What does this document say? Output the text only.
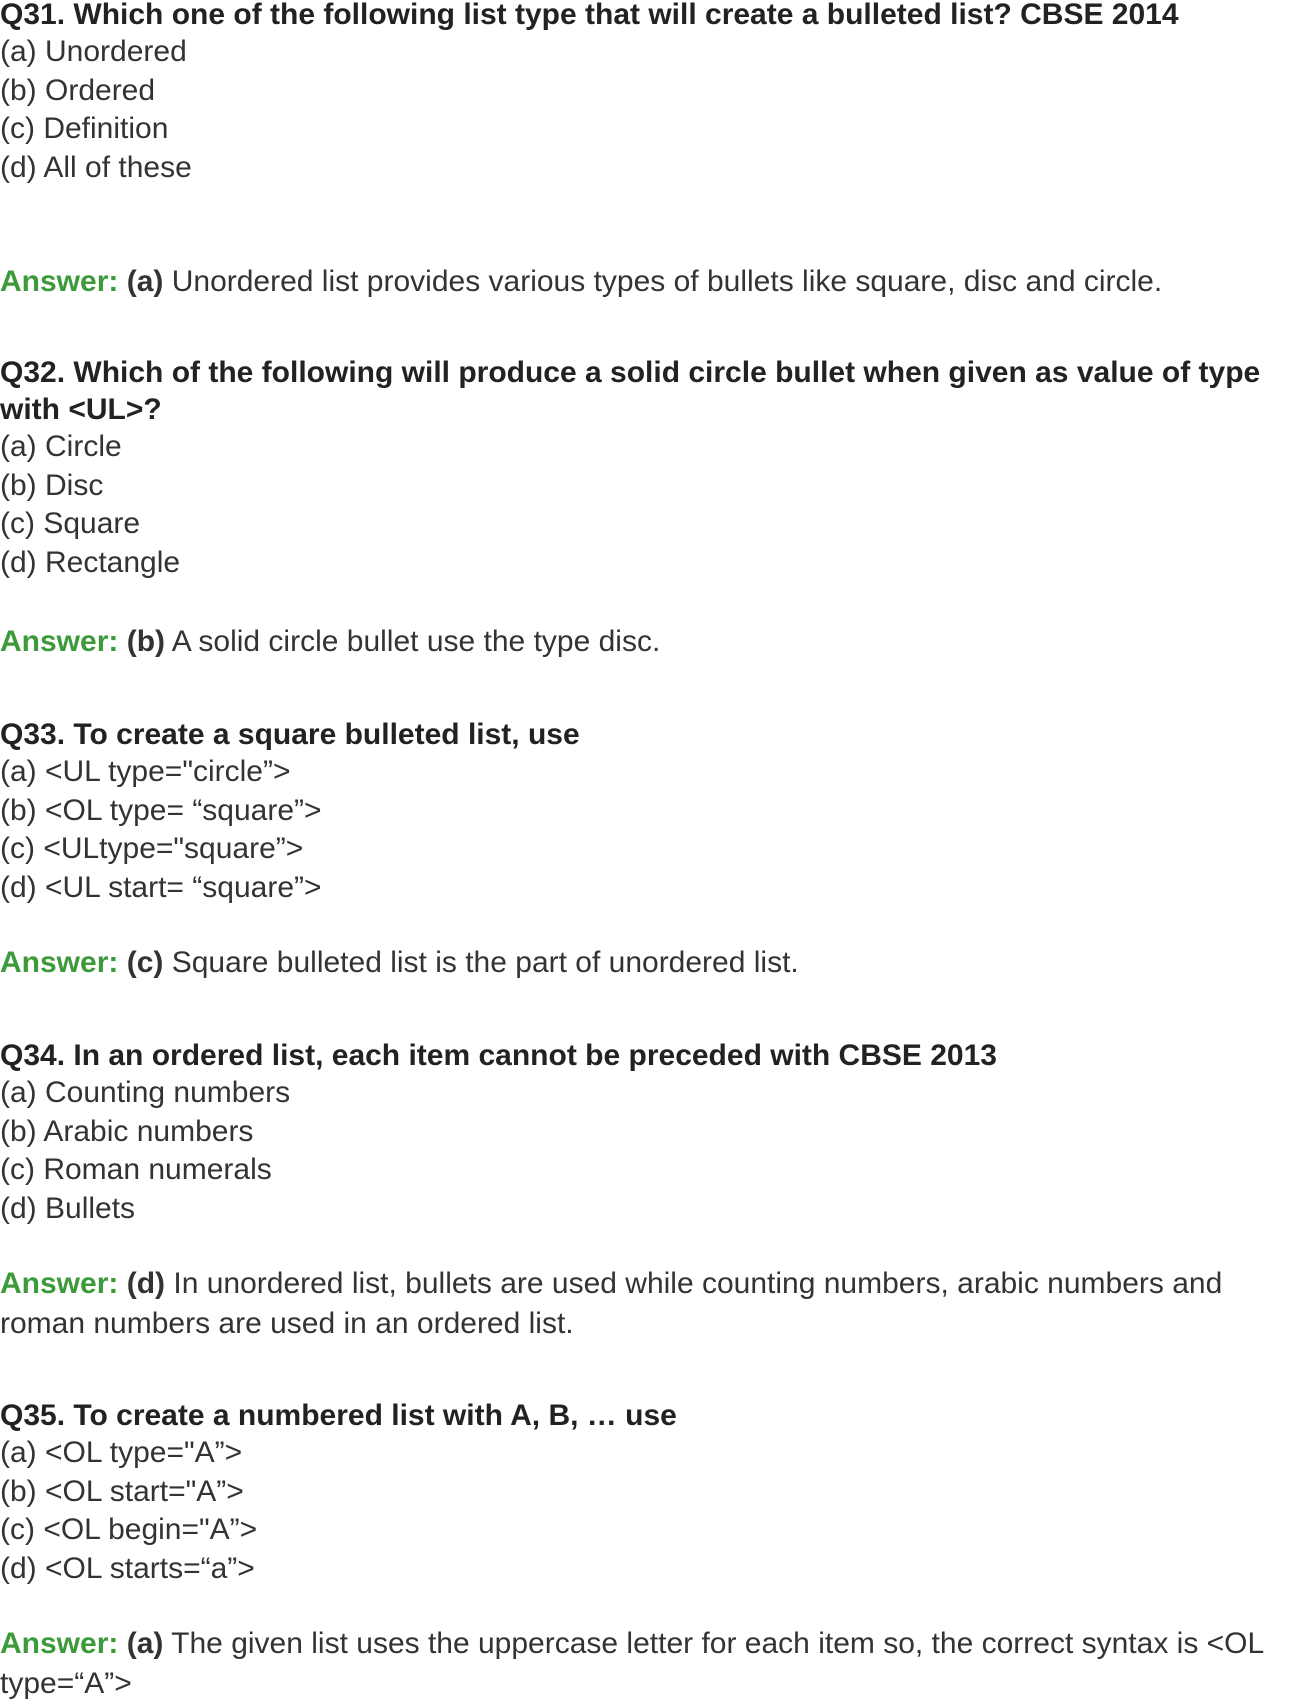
Q31. Which one of the following list type that will create a bulleted list? CBSE 2014

(a) Unordered

(b) Ordered

(c) Definition

(d) All of these

Answer: (a) Unordered list provides various types of bullets like square, disc and circle.

Q32. Which of the following will produce a solid circle bullet when given as value of type with <UL>?

(a) Circle

(b) Disc

(c) Square

(d) Rectangle

Answer: (b) A solid circle bullet use the type disc.

Q33. To create a square bulleted list, use

(a) <UL type="circle”>

(b) <OL type= “square”>

(c) <ULtype="square”>

(d) <UL start= “square”>

Answer: (c) Square bulleted list is the part of unordered list.

Q34. In an ordered list, each item cannot be preceded with CBSE 2013

(a) Counting numbers

(b) Arabic numbers

(c) Roman numerals

(d) Bullets

Answer: (d) In unordered list, bullets are used while counting numbers, arabic numbers and roman numbers are used in an ordered list.

Q35. To create a numbered list with A, B, … use

(a) <OL type="A”>

(b) <OL start="A”>

(c) <OL begin="A”>

(d) <OL starts=“a”>

Answer: (a) The given list uses the uppercase letter for each item so, the correct syntax is <OL type=“A”>
